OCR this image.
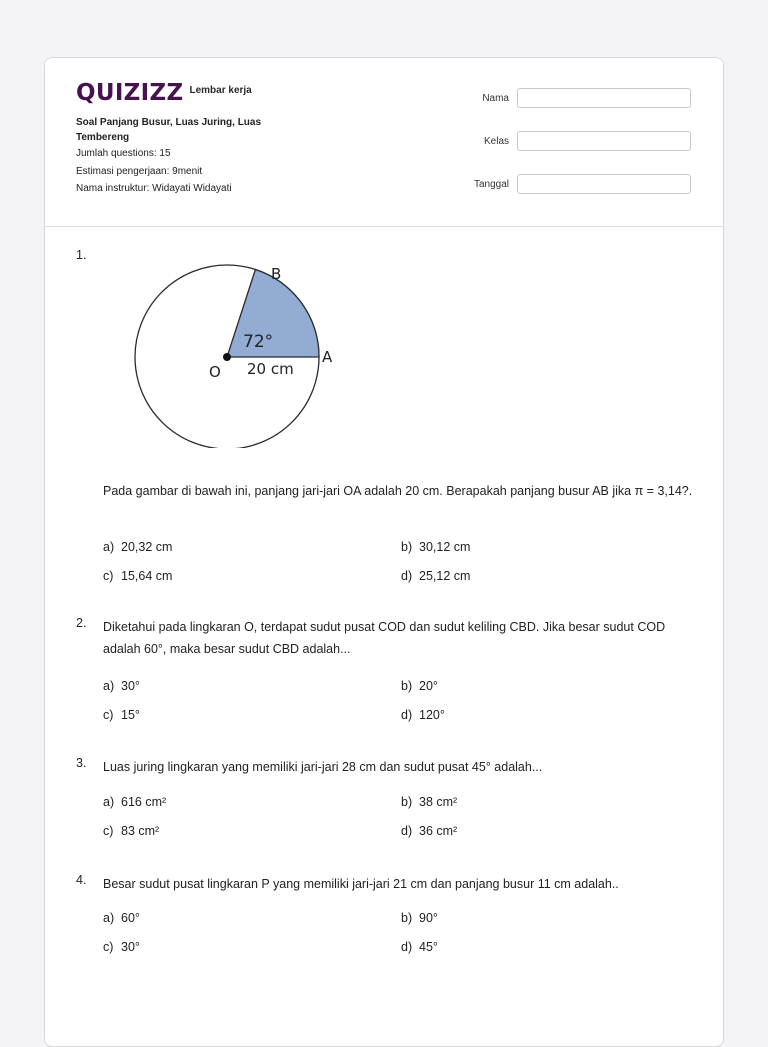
QUIZIZZ Lembar kerja
Soal Panjang Busur, Luas Juring, Luas Tembereng
Jumlah questions: 15
Estimasi pengerjaan: 9menit
Nama instruktur: Widayati Widayati
Nama
Kelas
Tanggal
1.
B
A
O
72°
20 cm
Pada gambar di bawah ini, panjang jari-jari OA adalah 20 cm. Berapakah panjang busur AB jika π = 3,14?.
a) 20,32 cm	b) 30,12 cm
c) 15,64 cm	d) 25,12 cm
2. Diketahui pada lingkaran O, terdapat sudut pusat COD dan sudut keliling CBD. Jika besar sudut COD adalah 60°, maka besar sudut CBD adalah...
a) 30°	b) 20°
c) 15°	d) 120°
3. Luas juring lingkaran yang memiliki jari-jari 28 cm dan sudut pusat 45° adalah...
a) 616 cm²	b) 38 cm²
c) 83 cm²	d) 36 cm²
4. Besar sudut pusat lingkaran P yang memiliki jari-jari 21 cm dan panjang busur 11 cm adalah..
a) 60°	b) 90°
c) 30°	d) 45°
